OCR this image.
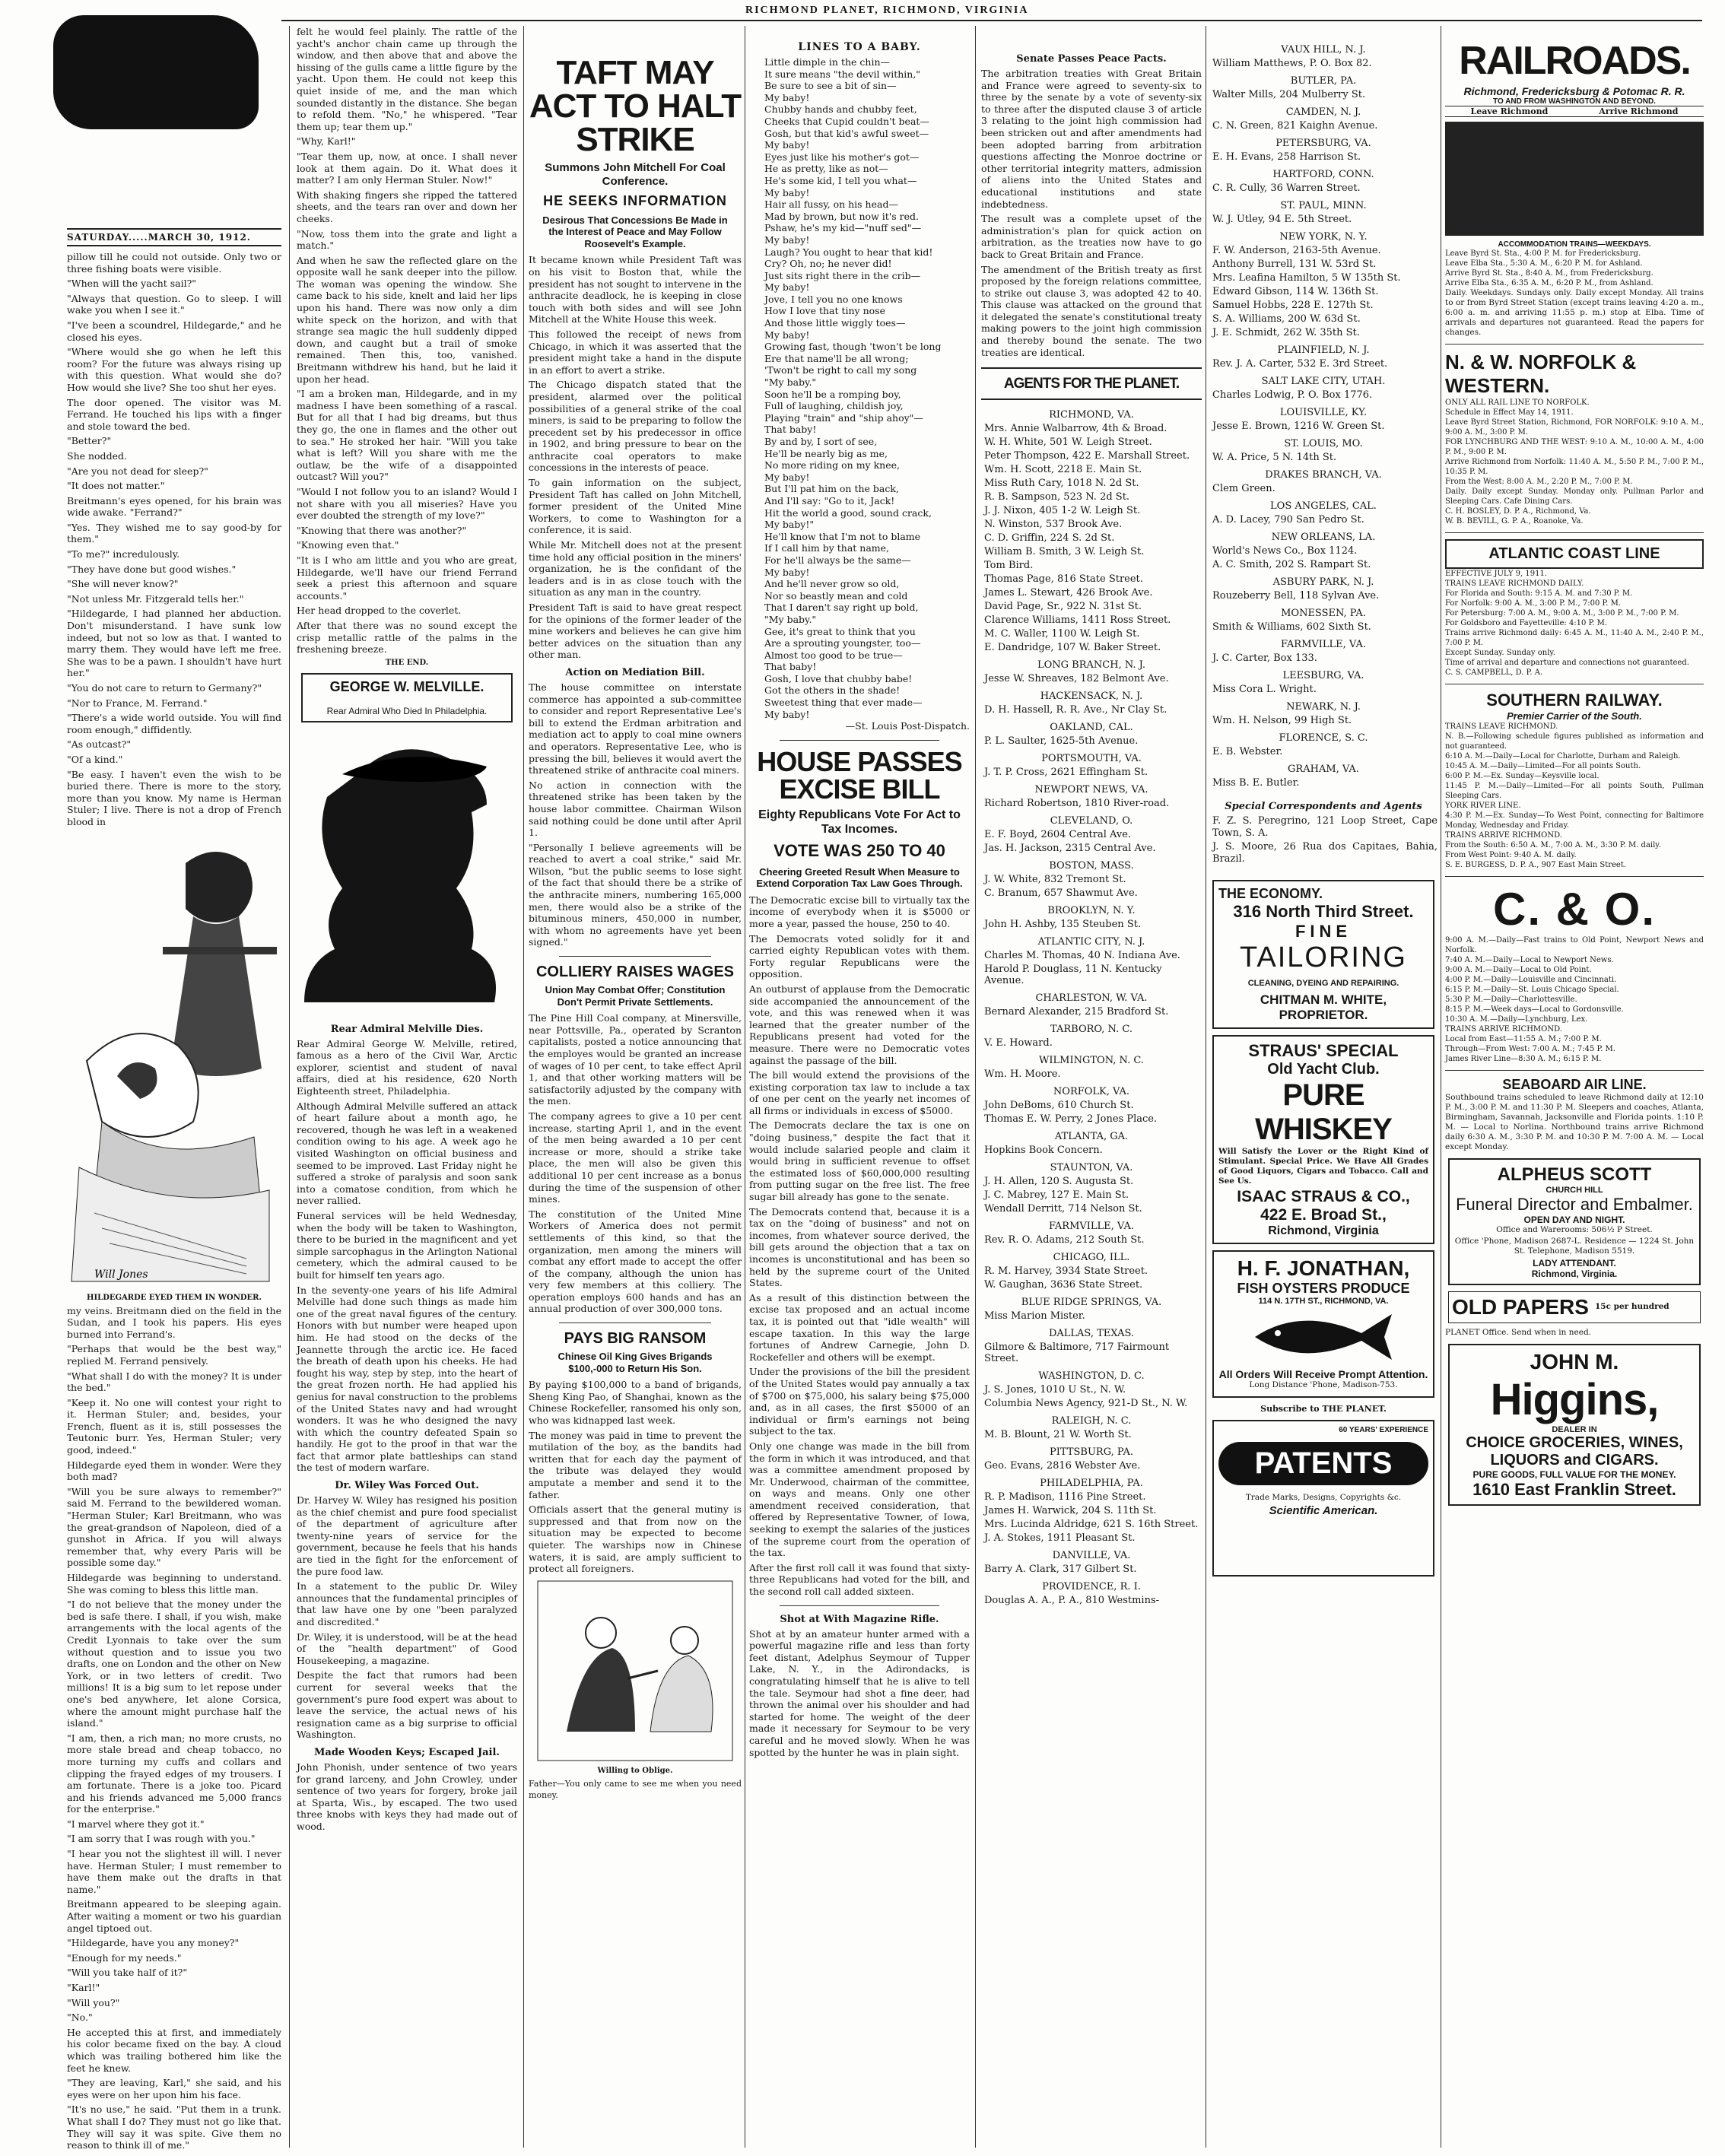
RICHMOND PLANET, RICHMOND, VIRGINIA
SATURDAY.....MARCH 30, 1912.

pillow till he could not outside. Only two or three fishing boats were visible.

"When will the yacht sail?"

"Always that question. Go to sleep. I will wake you when I see it."

"I've been a scoundrel, Hildegarde," and he closed his eyes.

"Where would she go when he left this room? For the future was always rising up with this question. What would she do? How would she live? She too shut her eyes.

The door opened. The visitor was M. Ferrand. He touched his lips with a finger and stole toward the bed.

"Better?"

She nodded.

"Are you not dead for sleep?"

"It does not matter."

Breitmann's eyes opened, for his brain was wide awake. "Ferrand?"

"Yes. They wished me to say good-by for them."

"To me?" incredulously.

"They have done but good wishes."

"She will never know?"

"Not unless Mr. Fitzgerald tells her."

"Hildegarde, I had planned her abduction. Don't misunderstand. I have sunk low indeed, but not so low as that. I wanted to marry them. They would have left me free. She was to be a pawn. I shouldn't have hurt her."

"You do not care to return to Germany?"

"Nor to France, M. Ferrand."

"There's a wide world outside. You will find room enough," diffidently.

"As outcast?"

"Of a kind."

"Be easy. I haven't even the wish to be buried there. There is more to the story, more than you know. My name is Herman Stuler; I live. There is not a drop of French blood in

Will Jones
HILDEGARDE EYED THEM IN WONDER.

my veins. Breitmann died on the field in the Sudan, and I took his papers. His eyes burned into Ferrand's.

"Perhaps that would be the best way," replied M. Ferrand pensively.

"What shall I do with the money? It is under the bed."

"Keep it. No one will contest your right to it. Herman Stuler; and, besides, your French, fluent as it is, still possesses the Teutonic burr. Yes, Herman Stuler; very good, indeed."

Hildegarde eyed them in wonder. Were they both mad?

"Will you be sure always to remember?" said M. Ferrand to the bewildered woman. "Herman Stuler; Karl Breitmann, who was the great-grandson of Napoleon, died of a gunshot in Africa. If you will always remember that, why every Paris will be possible some day."

Hildegarde was beginning to understand. She was coming to bless this little man.

"I do not believe that the money under the bed is safe there. I shall, if you wish, make arrangements with the local agents of the Credit Lyonnais to take over the sum without question and to issue you two drafts, one on London and the other on New York, or in two letters of credit. Two millions! It is a big sum to let repose under one's bed anywhere, let alone Corsica, where the amount might purchase half the island."

"I am, then, a rich man; no more crusts, no more stale bread and cheap tobacco, no more turning my cuffs and collars and clipping the frayed edges of my trousers. I am fortunate. There is a joke too. Picard and his friends advanced me 5,000 francs for the enterprise."

"I marvel where they got it."

"I am sorry that I was rough with you."

"I hear you not the slightest ill will. I never have. Herman Stuler; I must remember to have them make out the drafts in that name."

Breitmann appeared to be sleeping again. After waiting a moment or two his guardian angel tiptoed out.

"Hildegarde, have you any money?"

"Enough for my needs."

"Will you take half of it?"

"Karl!"

"Will you?"

"No."

He accepted this at first, and immediately his color became fixed on the bay. A cloud which was trailing bothered him like the feet he knew.

"They are leaving, Karl," she said, and his eyes were on her upon him his face.

"It's no use," he said. "Put them in a trunk. What shall I do? They must not go like that. They will say it was spite. Give them no reason to think ill of me."

felt he would feel plainly. The rattle of the yacht's anchor chain came up through the window, and then above that and above the hissing of the gulls came a little figure by the yacht. Upon them. He could not keep this quiet inside of me, and the man which sounded distantly in the distance. She began to refold them. "No," he whispered. "Tear them up; tear them up."

"Why, Karl!"

"Tear them up, now, at once. I shall never look at them again. Do it. What does it matter? I am only Herman Stuler. Now!"

With shaking fingers she ripped the tattered sheets, and the tears ran over and down her cheeks.

"Now, toss them into the grate and light a match."

And when he saw the reflected glare on the opposite wall he sank deeper into the pillow. The woman was opening the window. She came back to his side, knelt and laid her lips upon his hand. There was now only a dim white speck on the horizon, and with that strange sea magic the hull suddenly dipped down, and caught but a trail of smoke remained. Then this, too, vanished. Breitmann withdrew his hand, but he laid it upon her head.

"I am a broken man, Hildegarde, and in my madness I have been something of a rascal. But for all that I had big dreams, but thus they go, the one in flames and the other out to sea." He stroked her hair. "Will you take what is left? Will you share with me the outlaw, be the wife of a disappointed outcast? Will you?"

"Would I not follow you to an island? Would I not share with you all miseries? Have you ever doubted the strength of my love?"

"Knowing that there was another?"

"Knowing even that."

"It is I who am little and you who are great, Hildegarde, we'll have our friend Ferrand seek a priest this afternoon and square accounts."

Her head dropped to the coverlet.

After that there was no sound except the crisp metallic rattle of the palms in the freshening breeze.

THE END.
GEORGE W. MELVILLE.
Rear Admiral Who Died In Philadelphia.
Rear Admiral Melville Dies.

Rear Admiral George W. Melville, retired, famous as a hero of the Civil War, Arctic explorer, scientist and student of naval affairs, died at his residence, 620 North Eighteenth street, Philadelphia.

Although Admiral Melville suffered an attack of heart failure about a month ago, he recovered, though he was left in a weakened condition owing to his age. A week ago he visited Washington on official business and seemed to be improved. Last Friday night he suffered a stroke of paralysis and soon sank into a comatose condition, from which he never rallied.

Funeral services will be held Wednesday, when the body will be taken to Washington, there to be buried in the magnificent and yet simple sarcophagus in the Arlington National cemetery, which the admiral caused to be built for himself ten years ago.

In the seventy-one years of his life Admiral Melville had done such things as made him one of the great naval figures of the century. Honors with but number were heaped upon him. He had stood on the decks of the Jeannette through the arctic ice. He faced the breath of death upon his cheeks. He had fought his way, step by step, into the heart of the great frozen north. He had applied his genius for naval construction to the problems of the United States navy and had wrought wonders. It was he who designed the navy with which the country defeated Spain so handily. He got to the proof in that war the fact that armor plate battleships can stand the test of modern warfare.

Dr. Wiley Was Forced Out.

Dr. Harvey W. Wiley has resigned his position as the chief chemist and pure food specialist of the department of agriculture after twenty-nine years of service for the government, because he feels that his hands are tied in the fight for the enforcement of the pure food law.

In a statement to the public Dr. Wiley announces that the fundamental principles of that law have one by one "been paralyzed and discredited."

Dr. Wiley, it is understood, will be at the head of the "health department" of Good Housekeeping, a magazine.

Despite the fact that rumors had been current for several weeks that the government's pure food expert was about to leave the service, the actual news of his resignation came as a big surprise to official Washington.

Made Wooden Keys; Escaped Jail.

John Phonish, under sentence of two years for grand larceny, and John Crowley, under sentence of two years for forgery, broke jail at Sparta, Wis., by escaped. The two used three knobs with keys they had made out of wood.

TAFT MAY ACT TO HALT STRIKE
Summons John Mitchell For Coal Conference.
HE SEEKS INFORMATION
Desirous That Concessions Be Made in the Interest of Peace and May Follow Roosevelt's Example.

It became known while President Taft was on his visit to Boston that, while the president has not sought to intervene in the anthracite deadlock, he is keeping in close touch with both sides and will see John Mitchell at the White House this week.

This followed the receipt of news from Chicago, in which it was asserted that the president might take a hand in the dispute in an effort to avert a strike.

The Chicago dispatch stated that the president, alarmed over the political possibilities of a general strike of the coal miners, is said to be preparing to follow the precedent set by his predecessor in office in 1902, and bring pressure to bear on the anthracite coal operators to make concessions in the interests of peace.

To gain information on the subject, President Taft has called on John Mitchell, former president of the United Mine Workers, to come to Washington for a conference, it is said.

While Mr. Mitchell does not at the present time hold any official position in the miners' organization, he is the confidant of the leaders and is in as close touch with the situation as any man in the country.

President Taft is said to have great respect for the opinions of the former leader of the mine workers and believes he can give him better advices on the situation than any other man.

Action on Mediation Bill.

The house committee on interstate commerce has appointed a sub-committee to consider and report Representative Lee's bill to extend the Erdman arbitration and mediation act to apply to coal mine owners and operators. Representative Lee, who is pressing the bill, believes it would avert the threatened strike of anthracite coal miners.

No action in connection with the threatened strike has been taken by the house labor committee. Chairman Wilson said nothing could be done until after April 1.

"Personally I believe agreements will be reached to avert a coal strike," said Mr. Wilson, "but the public seems to lose sight of the fact that should there be a strike of the anthracite miners, numbering 165,000 men, there would also be a strike of the bituminous miners, 450,000 in number, with whom no agreements have yet been signed."

COLLIERY RAISES WAGES
Union May Combat Offer; Constitution Don't Permit Private Settlements.

The Pine Hill Coal company, at Minersville, near Pottsville, Pa., operated by Scranton capitalists, posted a notice announcing that the employes would be granted an increase of wages of 10 per cent, to take effect April 1, and that other working matters will be satisfactorily adjusted by the company with the men.

The company agrees to give a 10 per cent increase, starting April 1, and in the event of the men being awarded a 10 per cent increase or more, should a strike take place, the men will also be given this additional 10 per cent increase as a bonus during the time of the suspension of other mines.

The constitution of the United Mine Workers of America does not permit settlements of this kind, so that the organization, men among the miners will combat any effort made to accept the offer of the company, although the union has very few members at this colliery. The operation employs 600 hands and has an annual production of over 300,000 tons.

PAYS BIG RANSOM
Chinese Oil King Gives Brigands $100,-000 to Return His Son.

By paying $100,000 to a band of brigands, Sheng King Pao, of Shanghai, known as the Chinese Rockefeller, ransomed his only son, who was kidnapped last week.

The money was paid in time to prevent the mutilation of the boy, as the bandits had written that for each day the payment of the tribute was delayed they would amputate a member and send it to the father.

Officials assert that the general mutiny is suppressed and that from now on the situation may be expected to become quieter. The warships now in Chinese waters, it is said, are amply sufficient to protect all foreigners.

Willing to Oblige.

Father—You only came to see me when you need money.

LINES TO A BABY.

Little dimple in the chin—

It sure means "the devil within,"

Be sure to see a bit of sin—

My baby!

Chubby hands and chubby feet,

Cheeks that Cupid couldn't beat—

Gosh, but that kid's awful sweet—

My baby!

Eyes just like his mother's got—

He as pretty, like as not—

He's some kid, I tell you what—

My baby!

Hair all fussy, on his head—

Mad by brown, but now it's red.

Pshaw, he's my kid—"nuff sed"—

My baby!

Laugh? You ought to hear that kid!

Cry? Oh, no; he never did!

Just sits right there in the crib—

My baby!

Jove, I tell you no one knows

How I love that tiny nose

And those little wiggly toes—

My baby!

Growing fast, though 'twon't be long

Ere that name'll be all wrong;

'Twon't be right to call my song

"My baby."

Soon he'll be a romping boy,

Full of laughing, childish joy,

Playing "train" and "ship ahoy"—

That baby!

By and by, I sort of see,

He'll be nearly big as me,

No more riding on my knee,

My baby!

But I'll pat him on the back,

And I'll say: "Go to it, Jack!

Hit the world a good, sound crack,

My baby!"

He'll know that I'm not to blame

If I call him by that name,

For he'll always be the same—

My baby!

And he'll never grow so old,

Nor so beastly mean and cold

That I daren't say right up bold,

"My baby."

Gee, it's great to think that you

Are a sprouting youngster, too—

Almost too good to be true—

That baby!

Gosh, I love that chubby babe!

Got the others in the shade!

Sweetest thing that ever made—

My baby!

—St. Louis Post-Dispatch.

HOUSE PASSES EXCISE BILL
Eighty Republicans Vote For Act to Tax Incomes.
VOTE WAS 250 TO 40
Cheering Greeted Result When Measure to Extend Corporation Tax Law Goes Through.

The Democratic excise bill to virtually tax the income of everybody when it is $5000 or more a year, passed the house, 250 to 40.

The Democrats voted solidly for it and carried eighty Republican votes with them. Forty regular Republicans were the opposition.

An outburst of applause from the Democratic side accompanied the announcement of the vote, and this was renewed when it was learned that the greater number of the Republicans present had voted for the measure. There were no Democratic votes against the passage of the bill.

The bill would extend the provisions of the existing corporation tax law to include a tax of one per cent on the yearly net incomes of all firms or individuals in excess of $5000.

The Democrats declare the tax is one on "doing business," despite the fact that it would include salaried people and claim it would bring in sufficient revenue to offset the estimated loss of $60,000,000 resulting from putting sugar on the free list. The free sugar bill already has gone to the senate.

The Democrats contend that, because it is a tax on the "doing of business" and not on incomes, from whatever source derived, the bill gets around the objection that a tax on incomes is unconstitutional and has been so held by the supreme court of the United States.

As a result of this distinction between the excise tax proposed and an actual income tax, it is pointed out that "idle wealth" will escape taxation. In this way the large fortunes of Andrew Carnegie, John D. Rockefeller and others will be exempt.

Under the provisions of the bill the president of the United States would pay annually a tax of $700 on $75,000, his salary being $75,000 and, as in all cases, the first $5000 of an individual or firm's earnings not being subject to the tax.

Only one change was made in the bill from the form in which it was introduced, and that was a committee amendment proposed by Mr. Underwood, chairman of the committee, on ways and means. Only one other amendment received consideration, that offered by Representative Towner, of Iowa, seeking to exempt the salaries of the justices of the supreme court from the operation of the tax.

After the first roll call it was found that sixty-three Republicans had voted for the bill, and the second roll call added sixteen.

Shot at With Magazine Rifle.

Shot at by an amateur hunter armed with a powerful magazine rifle and less than forty feet distant, Adelphus Seymour of Tupper Lake, N. Y., in the Adirondacks, is congratulating himself that he is alive to tell the tale. Seymour had shot a fine deer, had thrown the animal over his shoulder and had started for home. The weight of the deer made it necessary for Seymour to be very careful and he moved slowly. When he was spotted by the hunter he was in plain sight.

Senate Passes Peace Pacts.

The arbitration treaties with Great Britain and France were agreed to seventy-six to three by the senate by a vote of seventy-six to three after the disputed clause 3 of article 3 relating to the joint high commission had been stricken out and after amendments had been adopted barring from arbitration questions affecting the Monroe doctrine or other territorial integrity matters, admission of aliens into the United States and educational institutions and state indebtedness.

The result was a complete upset of the administration's plan for quick action on arbitration, as the treaties now have to go back to Great Britain and France.

The amendment of the British treaty as first proposed by the foreign relations committee, to strike out clause 3, was adopted 42 to 40. This clause was attacked on the ground that it delegated the senate's constitutional treaty making powers to the joint high commission and thereby bound the senate. The two treaties are identical.

AGENTS FOR THE PLANET.
RICHMOND, VA.
Mrs. Annie Walbarrow, 4th & Broad.
W. H. White, 501 W. Leigh Street.
Peter Thompson, 422 E. Marshall Street.
Wm. H. Scott, 2218 E. Main St.
Miss Ruth Cary, 1018 N. 2d St.
R. B. Sampson, 523 N. 2d St.
J. J. Nixon, 405 1-2 W. Leigh St.
N. Winston, 537 Brook Ave.
C. D. Griffin, 224 S. 2d St.
William B. Smith, 3 W. Leigh St.
Tom Bird.
Thomas Page, 816 State Street.
James L. Stewart, 426 Brook Ave.
David Page, Sr., 922 N. 31st St.
Clarence Williams, 1411 Ross Street.
M. C. Waller, 1100 W. Leigh St.
E. Dandridge, 107 W. Baker Street.
LONG BRANCH, N. J.
Jesse W. Shreaves, 182 Belmont Ave.
HACKENSACK, N. J.
D. H. Hassell, R. R. Ave., Nr Clay St.
OAKLAND, CAL.
P. L. Saulter, 1625-5th Avenue.
PORTSMOUTH, VA.
J. T. P. Cross, 2621 Effingham St.
NEWPORT NEWS, VA.
Richard Robertson, 1810 River-road.
CLEVELAND, O.
E. F. Boyd, 2604 Central Ave.
Jas. H. Jackson, 2315 Central Ave.
BOSTON, MASS.
J. W. White, 832 Tremont St.
C. Branum, 657 Shawmut Ave.
BROOKLYN, N. Y.
John H. Ashby, 135 Steuben St.
ATLANTIC CITY, N. J.
Charles M. Thomas, 40 N. Indiana Ave.
Harold P. Douglass, 11 N. Kentucky Avenue.
CHARLESTON, W. VA.
Bernard Alexander, 215 Bradford St.
TARBORO, N. C.
V. E. Howard.
WILMINGTON, N. C.
Wm. H. Moore.
NORFOLK, VA.
John DeBoms, 610 Church St.
Thomas E. W. Perry, 2 Jones Place.
ATLANTA, GA.
Hopkins Book Concern.
STAUNTON, VA.
J. H. Allen, 120 S. Augusta St.
J. C. Mabrey, 127 E. Main St.
Wendall Derritt, 714 Nelson St.
FARMVILLE, VA.
Rev. R. O. Adams, 212 South St.
CHICAGO, ILL.
R. M. Harvey, 3934 State Street.
W. Gaughan, 3636 State Street.
BLUE RIDGE SPRINGS, VA.
Miss Marion Mister.
DALLAS, TEXAS.
Gilmore & Baltimore, 717 Fairmount Street.
WASHINGTON, D. C.
J. S. Jones, 1010 U St., N. W.
Columbia News Agency, 921-D St., N. W.
RALEIGH, N. C.
M. B. Blount, 21 W. Worth St.
PITTSBURG, PA.
Geo. Evans, 2816 Webster Ave.
PHILADELPHIA, PA.
R. P. Madison, 1116 Pine Street.
James H. Warwick, 204 S. 11th St.
Mrs. Lucinda Aldridge, 621 S. 16th Street.
J. A. Stokes, 1911 Pleasant St.
DANVILLE, VA.
Barry A. Clark, 317 Gilbert St.
PROVIDENCE, R. I.
Douglas A. A., P. A., 810 Westmins-
VAUX HILL, N. J.
William Matthews, P. O. Box 82.
BUTLER, PA.
Walter Mills, 204 Mulberry St.
CAMDEN, N. J.
C. N. Green, 821 Kaighn Avenue.
PETERSBURG, VA.
E. H. Evans, 258 Harrison St.
HARTFORD, CONN.
C. R. Cully, 36 Warren Street.
ST. PAUL, MINN.
W. J. Utley, 94 E. 5th Street.
NEW YORK, N. Y.
F. W. Anderson, 2163-5th Avenue.
Anthony Burrell, 131 W. 53rd St.
Mrs. Leafina Hamilton, 5 W 135th St.
Edward Gibson, 114 W. 136th St.
Samuel Hobbs, 228 E. 127th St.
S. A. Williams, 200 W. 63d St.
J. E. Schmidt, 262 W. 35th St.
PLAINFIELD, N. J.
Rev. J. A. Carter, 532 E. 3rd Street.
SALT LAKE CITY, UTAH.
Charles Lodwig, P. O. Box 1776.
LOUISVILLE, KY.
Jesse E. Brown, 1216 W. Green St.
ST. LOUIS, MO.
W. A. Price, 5 N. 14th St.
DRAKES BRANCH, VA.
Clem Green.
LOS ANGELES, CAL.
A. D. Lacey, 790 San Pedro St.
NEW ORLEANS, LA.
World's News Co., Box 1124.
A. C. Smith, 202 S. Rampart St.
ASBURY PARK, N. J.
Rouzeberry Bell, 118 Sylvan Ave.
MONESSEN, PA.
Smith & Williams, 602 Sixth St.
FARMVILLE, VA.
J. C. Carter, Box 133.
LEESBURG, VA.
Miss Cora L. Wright.
NEWARK, N. J.
Wm. H. Nelson, 99 High St.
FLORENCE, S. C.
E. B. Webster.
GRAHAM, VA.
Miss B. E. Butler.
Special Correspondents and Agents

F. Z. S. Peregrino, 121 Loop Street, Cape Town, S. A.

J. S. Moore, 26 Rua dos Capitaes, Bahia, Brazil.

THE ECONOMY.
316 North Third Street.
FINE
TAILORING
CLEANING, DYEING AND REPAIRING.
CHITMAN M. WHITE, PROPRIETOR.
STRAUS' SPECIAL
Old Yacht Club.
PURE WHISKEY
Will Satisfy the Lover or the Right Kind of Stimulant. Special Price. We Have All Grades of Good Liquors, Cigars and Tobacco. Call and See Us.
ISAAC STRAUS & CO.,
422 E. Broad St.,
Richmond, Virginia
H. F. JONATHAN,
FISH OYSTERS PRODUCE
114 N. 17TH ST., RICHMOND, VA.
All Orders Will Receive Prompt Attention.
Long Distance 'Phone, Madison-753.
Subscribe to THE PLANET.
60 YEARS' EXPERIENCE
PATENTS
Trade Marks, Designs, Copyrights &c.
Scientific American.
RAILROADS.
Richmond, Fredericksburg & Potomac R. R.
TO AND FROM WASHINGTON AND BEYOND.
Leave Richmond	Arrive Richmond
ACCOMMODATION TRAINS—WEEKDAYS.

Leave Byrd St. Sta., 4:00 P. M. for Fredericksburg.

Leave Elba Sta., 5:30 A. M., 6:20 P. M. for Ashland.

Arrive Byrd St. Sta., 8:40 A. M., from Fredericksburg.

Arrive Elba Sta., 6:35 A. M., 6:20 P. M., from Ashland.

Daily. Weekdays. Sundays only. Daily except Monday. All trains to or from Byrd Street Station (except trains leaving 4:20 a. m., 6:00 a. m. and arriving 11:55 p. m.) stop at Elba. Time of arrivals and departures not guaranteed. Read the papers for changes.
N. & W. NORFOLK & WESTERN.

ONLY ALL RAIL LINE TO NORFOLK.

Schedule in Effect May 14, 1911.

Leave Byrd Street Station, Richmond, FOR NORFOLK: 9:10 A. M., 9:00 A. M., 3:00 P. M.

FOR LYNCHBURG AND THE WEST: 9:10 A. M., 10:00 A. M., 4:00 P. M., 9:00 P. M.

Arrive Richmond from Norfolk: 11:40 A. M., 5:50 P. M., 7:00 P. M., 10:35 P. M.

From the West: 8:00 A. M., 2:20 P. M., 7:00 P. M.

Daily. Daily except Sunday. Monday only. Pullman Parlor and Sleeping Cars. Cafe Dining Cars.

C. H. BOSLEY, D. P. A., Richmond, Va.

W. B. BEVILL, G. P. A., Roanoke, Va.

ATLANTIC COAST LINE

EFFECTIVE JULY 9, 1911.

TRAINS LEAVE RICHMOND DAILY.

For Florida and South: 9:15 A. M. and 7:30 P. M.

For Norfolk: 9:00 A. M., 3:00 P. M., 7:00 P. M.

For Petersburg: 7:00 A. M., 9:00 A. M., 3:00 P. M., 7:00 P. M.

For Goldsboro and Fayetteville: 4:10 P. M.

Trains arrive Richmond daily: 6:45 A. M., 11:40 A. M., 2:40 P. M., 7:00 P. M.

Except Sunday. Sunday only.

Time of arrival and departure and connections not guaranteed.

C. S. CAMPBELL, D. P. A.

SOUTHERN RAILWAY.
Premier Carrier of the South.

TRAINS LEAVE RICHMOND.

N. B.—Following schedule figures published as information and not guaranteed.

6:10 A. M.—Daily—Local for Charlotte, Durham and Raleigh.

10:45 A. M.—Daily—Limited—For all points South.

6:00 P. M.—Ex. Sunday—Keysville local.

11:45 P. M.—Daily—Limited—For all points South, Pullman Sleeping Cars.

YORK RIVER LINE.

4:30 P. M.—Ex. Sunday—To West Point, connecting for Baltimore Monday, Wednesday and Friday.

TRAINS ARRIVE RICHMOND.

From the South: 6:50 A. M., 7:00 A. M., 3:30 P. M. daily.

From West Point: 9:40 A. M. daily.

S. E. BURGESS, D. P. A., 907 East Main Street.

C. & O.

9:00 A. M.—Daily—Fast trains to Old Point, Newport News and Norfolk.

7:40 A. M.—Daily—Local to Newport News.

9:00 A. M.—Daily—Local to Old Point.

4:00 P. M.—Daily—Louisville and Cincinnati.

6:15 P. M.—Daily—St. Louis Chicago Special.

5:30 P. M.—Daily—Charlottesville.

8:15 P. M.—Week days—Local to Gordonsville.

10:30 A. M.—Daily—Lynchburg, Lex.

TRAINS ARRIVE RICHMOND.

Local from East—11:55 A. M.; 7:00 P. M.

Through—From West: 7:00 A. M.; 7:45 P. M.

James River Line—8:30 A. M.; 6:15 P. M.

SEABOARD AIR LINE.
Southbound trains scheduled to leave Richmond daily at 12:10 P. M., 3:00 P. M. and 11:30 P. M. Sleepers and coaches, Atlanta, Birmingham, Savannah, Jacksonville and Florida points. 1:10 P. M. — Local to Norlina. Northbound trains arrive Richmond daily 6:30 A. M., 3:30 P. M. and 10:30 P. M. 7:00 A. M. — Local except Monday.
ALPHEUS SCOTT
CHURCH HILL
Funeral Director and Embalmer.
OPEN DAY AND NIGHT.
Office and Warerooms: 506½ P Street.
Office 'Phone, Madison 2687-L. Residence — 1224 St. John St. Telephone, Madison 5519.
LADY ATTENDANT.
Richmond, Virginia.
OLD PAPERS 15c per hundred
PLANET Office. Send when in need.
JOHN M.
Higgins,
DEALER IN
CHOICE GROCERIES, WINES, LIQUORS and CIGARS.
PURE GOODS, FULL VALUE FOR THE MONEY.
1610 East Franklin Street.
